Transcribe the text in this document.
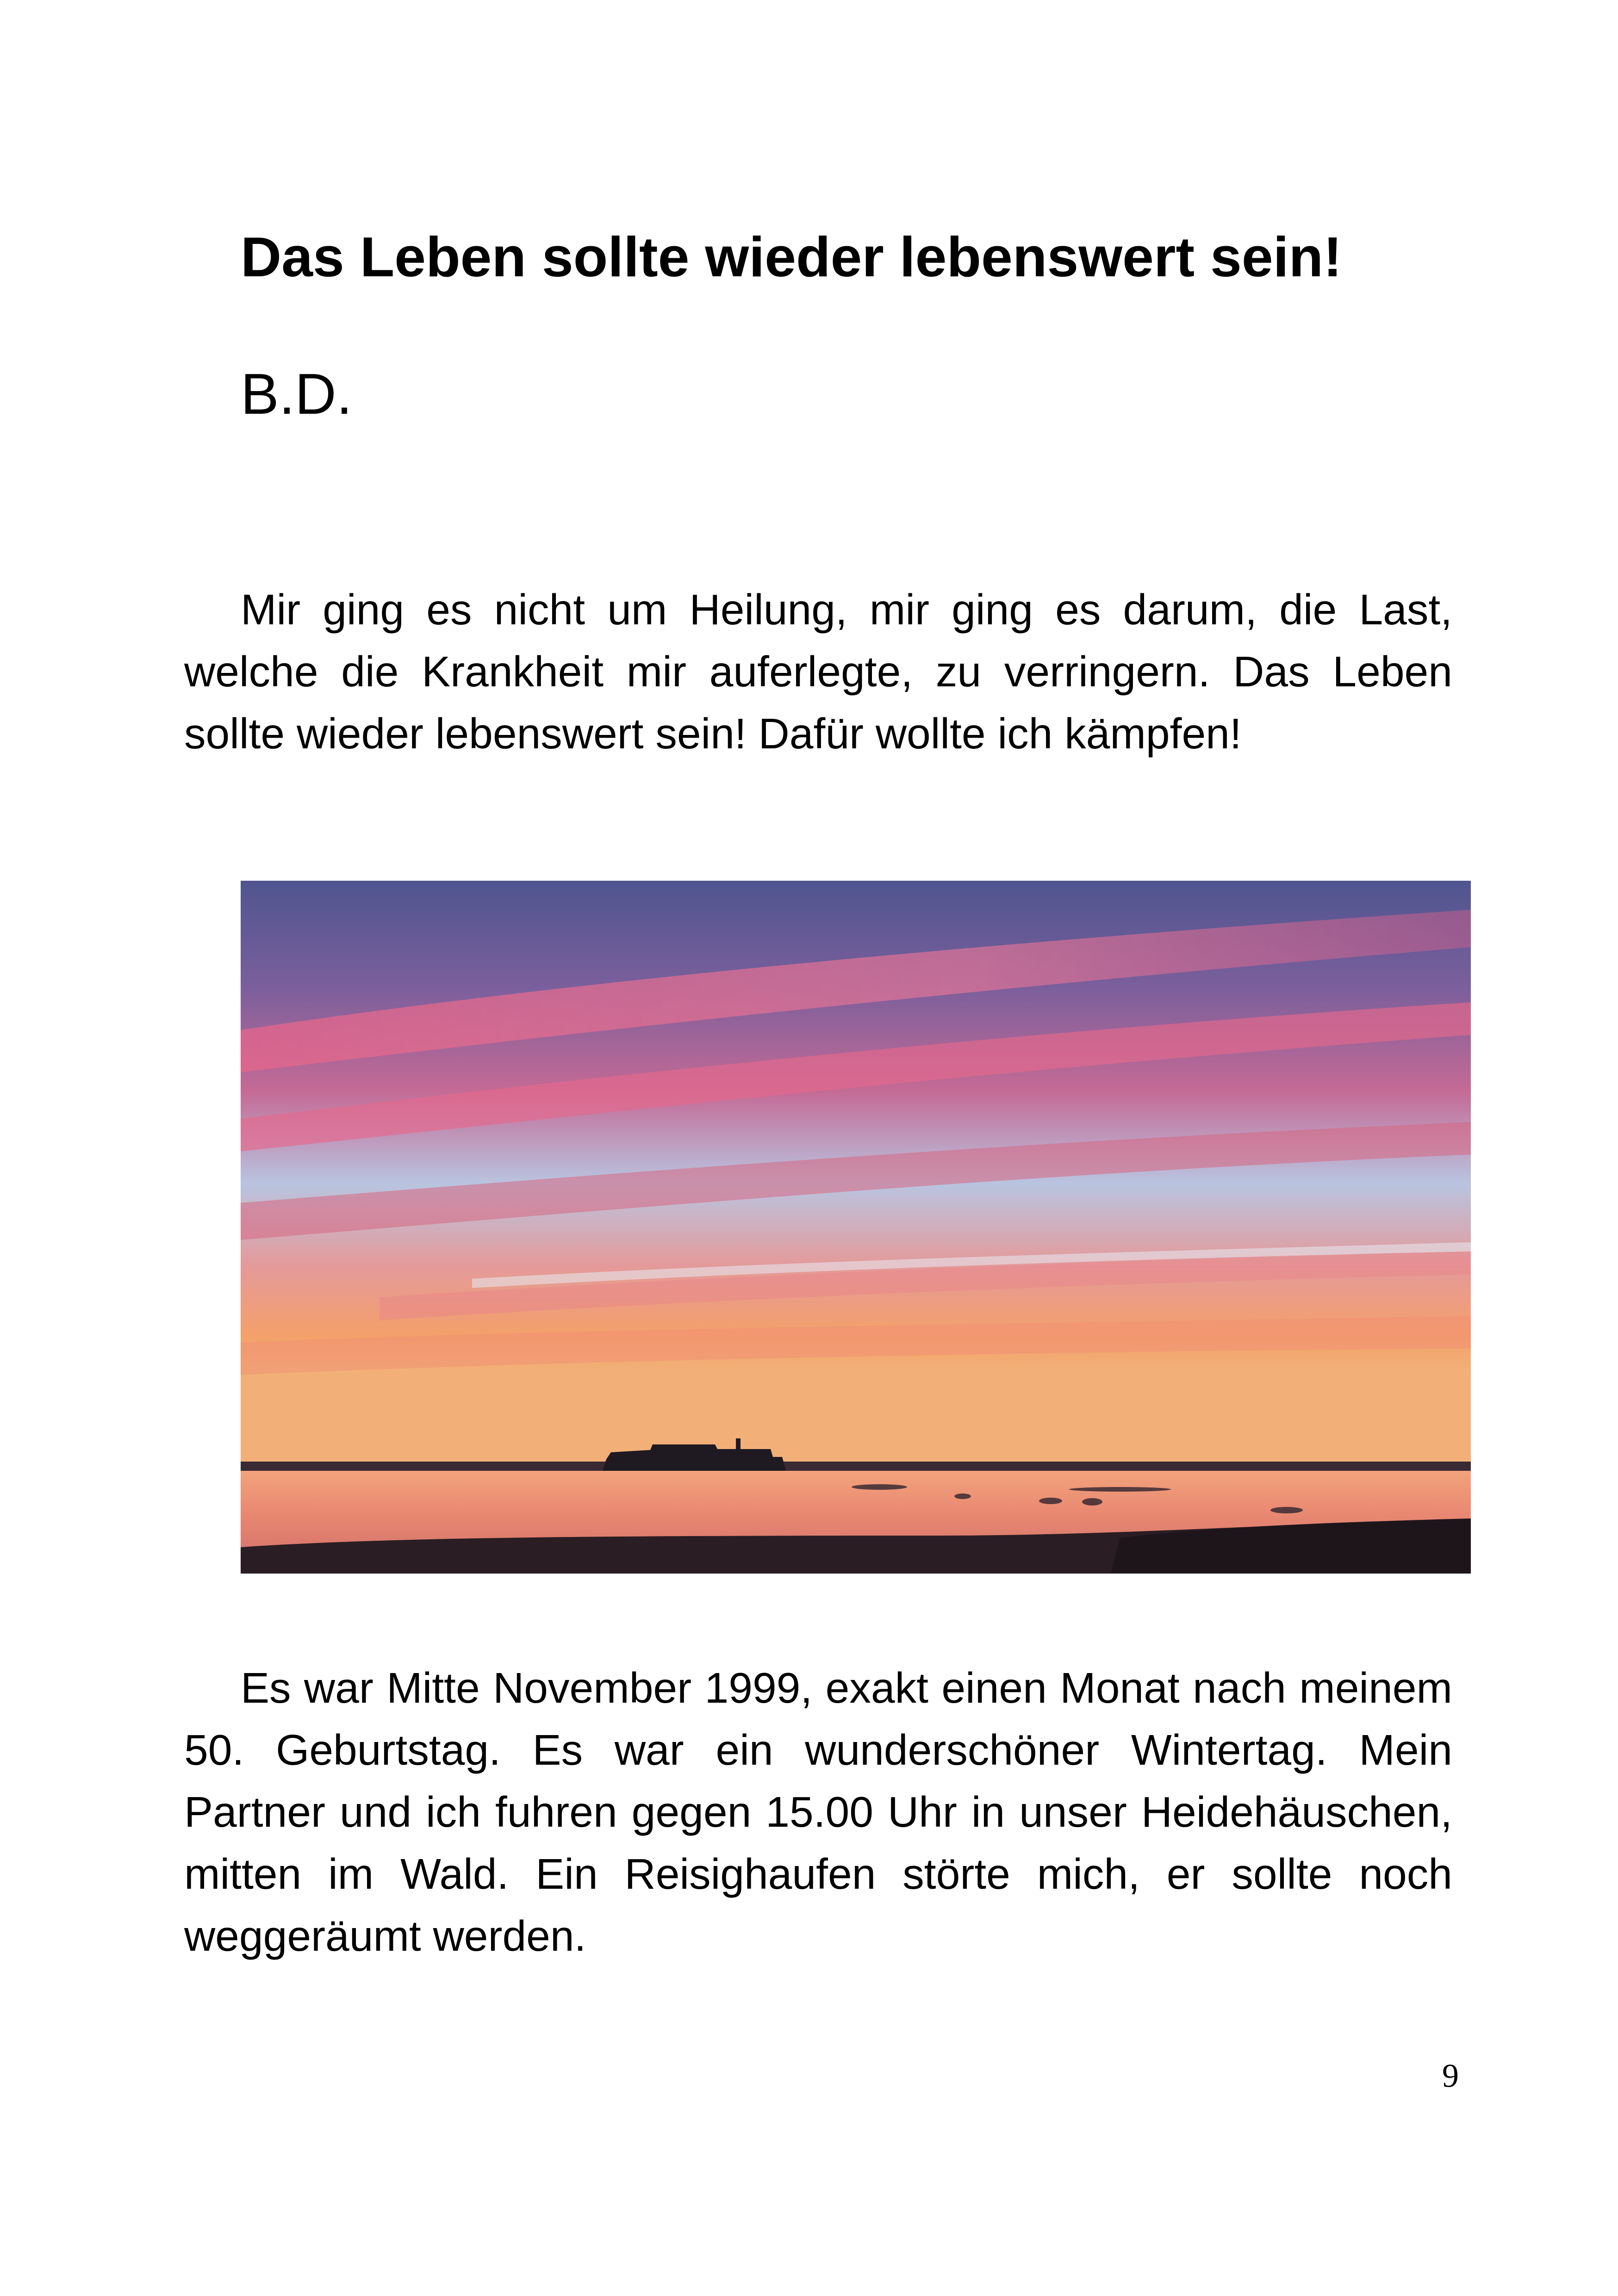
Das Leben sollte wieder lebenswert sein!

B.D.

Mir ging es nicht um Heilung, mir ging es darum, die Last, welche die Krankheit mir auferlegte, zu verringern. Das Leben sollte wieder lebenswert sein! Dafür wollte ich kämpfen!

Es war Mitte November 1999, exakt einen Monat nach meinem 50. Geburtstag. Es war ein wunderschöner Wintertag. Mein Partner und ich fuhren gegen 15.00 Uhr in unser Heidehäuschen, mitten im Wald. Ein Reisighaufen störte mich, er sollte noch weggeräumt werden.

9
